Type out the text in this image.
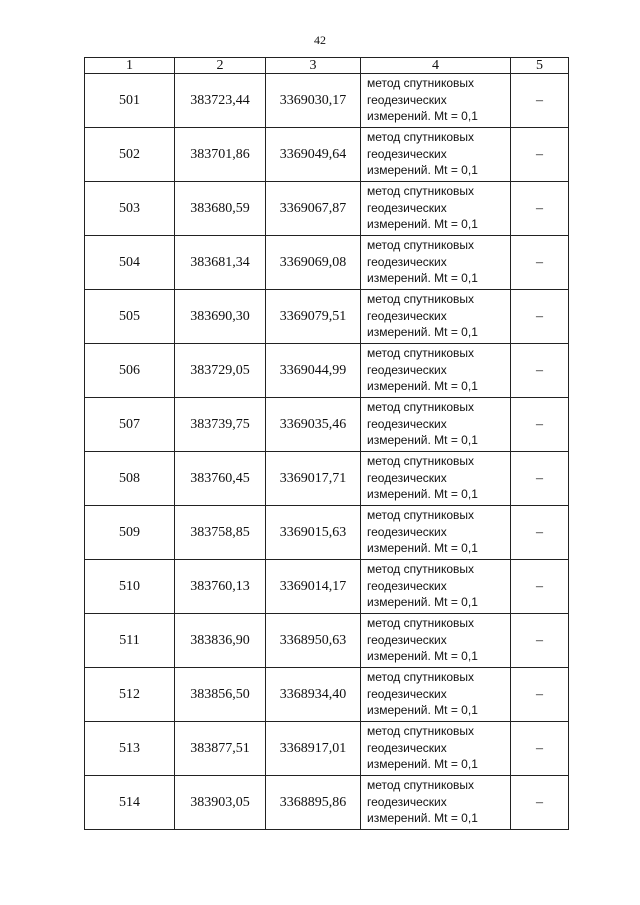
42
1	2	3	4	5
501	383723,44	3369030,17	метод спутниковых
геодезических
измерений. Mt = 0,1	–
502	383701,86	3369049,64	метод спутниковых
геодезических
измерений. Mt = 0,1	–
503	383680,59	3369067,87	метод спутниковых
геодезических
измерений. Mt = 0,1	–
504	383681,34	3369069,08	метод спутниковых
геодезических
измерений. Mt = 0,1	–
505	383690,30	3369079,51	метод спутниковых
геодезических
измерений. Mt = 0,1	–
506	383729,05	3369044,99	метод спутниковых
геодезических
измерений. Mt = 0,1	–
507	383739,75	3369035,46	метод спутниковых
геодезических
измерений. Mt = 0,1	–
508	383760,45	3369017,71	метод спутниковых
геодезических
измерений. Mt = 0,1	–
509	383758,85	3369015,63	метод спутниковых
геодезических
измерений. Mt = 0,1	–
510	383760,13	3369014,17	метод спутниковых
геодезических
измерений. Mt = 0,1	–
511	383836,90	3368950,63	метод спутниковых
геодезических
измерений. Mt = 0,1	–
512	383856,50	3368934,40	метод спутниковых
геодезических
измерений. Mt = 0,1	–
513	383877,51	3368917,01	метод спутниковых
геодезических
измерений. Mt = 0,1	–
514	383903,05	3368895,86	метод спутниковых
геодезических
измерений. Mt = 0,1	–
